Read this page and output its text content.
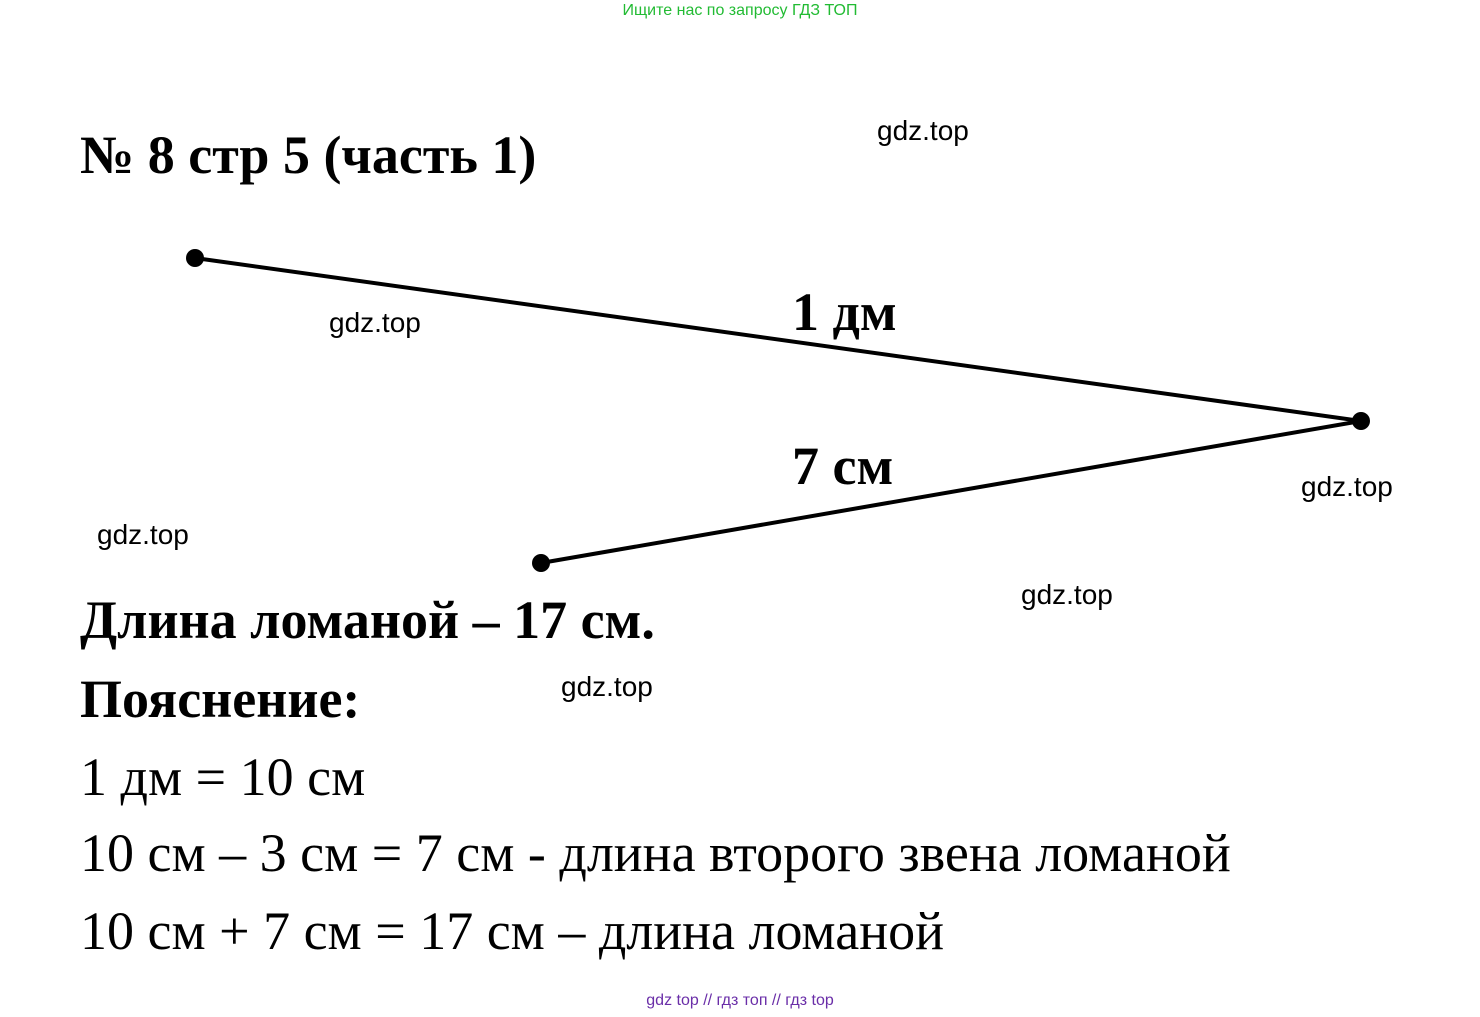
Ищите нас по запросу ГДЗ ТОП
№ 8 стр 5 (часть 1)	gdz.top
gdz.top
gdz.top
gdz.top
gdz.top
gdz.top
1 дм
7 см
Длина ломаной – 17 см.
Пояснение:
1 дм = 10 см
10 см – 3 см = 7 см - длина второго звена ломаной
10 см + 7 см = 17 см – длина ломаной
gdz top // гдз топ // гдз top
